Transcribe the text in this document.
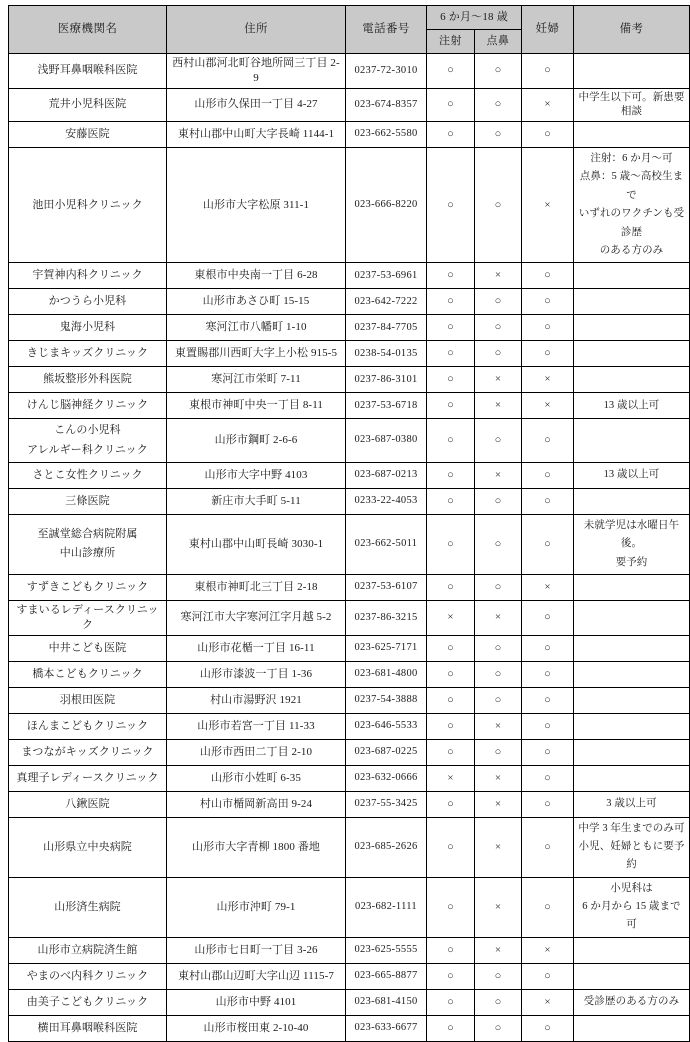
医療機関名	住所	電話番号	6 か月～18 歳		妊婦	備考
			注射	点鼻		
浅野耳鼻咽喉科医院	西村山郡河北町谷地所岡三丁目 2-9	0237-72-3010	○	○	○	
荒井小児科医院	山形市久保田一丁目 4-27	023-674-8357	○	○	×	中学生以下可。新患要相談
安藤医院	東村山郡中山町大字長崎 1144-1	023-662-5580	○	○	○	
池田小児科クリニック	山形市大字松原 311-1	023-666-8220	○	○	×	注射：6 か月～可
点鼻：5 歳～高校生まで
いずれのワクチンも受診歴
のある方のみ

宇賀神内科クリニック	東根市中央南一丁目 6-28	0237-53-6961	○	×	○	
かつうら小児科	山形市あさひ町 15-15	023-642-7222	○	○	○	
鬼海小児科	寒河江市八幡町 1-10	0237-84-7705	○	○	○	
きじまキッズクリニック	東置賜郡川西町大字上小松 915-5	0238-54-0135	○	○	○	
熊坂整形外科医院	寒河江市栄町 7-11	0237-86-3101	○	×	×	
けんじ脳神経クリニック	東根市神町中央一丁目 8-11	0237-53-6718	○	×	×	13 歳以上可

こんの小児科
アレルギー科クリニック	山形市鋼町 2-6-6	023-687-0380	○	○	○	
さとこ女性クリニック	山形市大字中野 4103	023-687-0213	○	×	○	13 歳以上可
三條医院	新庄市大手町 5-11	0233-22-4053	○	○	○	

至誠堂総合病院附属
中山診療所	東村山郡中山町長崎 3030-1	023-662-5011	○	○	○	未就学児は水曜日午後。
要予約

すずきこどもクリニック	東根市神町北三丁目 2-18	0237-53-6107	○	○	×	
すまいるレディースクリニック	寒河江市大字寒河江字月越 5-2	0237-86-3215	×	×	○	
中井こども医院	山形市花楯一丁目 16-11	023-625-7171	○	○	○	
橋本こどもクリニック	山形市漆波一丁目 1-36	023-681-4800	○	○	○	
羽根田医院	村山市湯野沢 1921	0237-54-3888	○	○	○	
ほんまこどもクリニック	山形市若宮一丁目 11-33	023-646-5533	○	×	○	
まつながキッズクリニック	山形市西田二丁目 2-10	023-687-0225	○	○	○	
真理子レディースクリニック	山形市小姓町 6-35	023-632-0666	×	×	○	
八鍬医院	村山市楯岡新高田 9-24	0237-55-3425	○	×	○	3 歳以上可
山形県立中央病院	山形市大字青柳 1800 番地	023-685-2626	○	×	○	中学 3 年生までのみ可
小児、妊婦ともに要予約

山形済生病院	山形市沖町 79-1	023-682-1111	○	×	○	小児科は
6 か月から 15 歳まで可

山形市立病院済生館	山形市七日町一丁目 3-26	023-625-5555	○	×	×	
やまのべ内科クリニック	東村山郡山辺町大字山辺 1115-7	023-665-8877	○	○	○	
由美子こどもクリニック	山形市中野 4101	023-681-4150	○	○	×	受診歴のある方のみ
横田耳鼻咽喉科医院	山形市桜田東 2-10-40	023-633-6677	○	○	○	
